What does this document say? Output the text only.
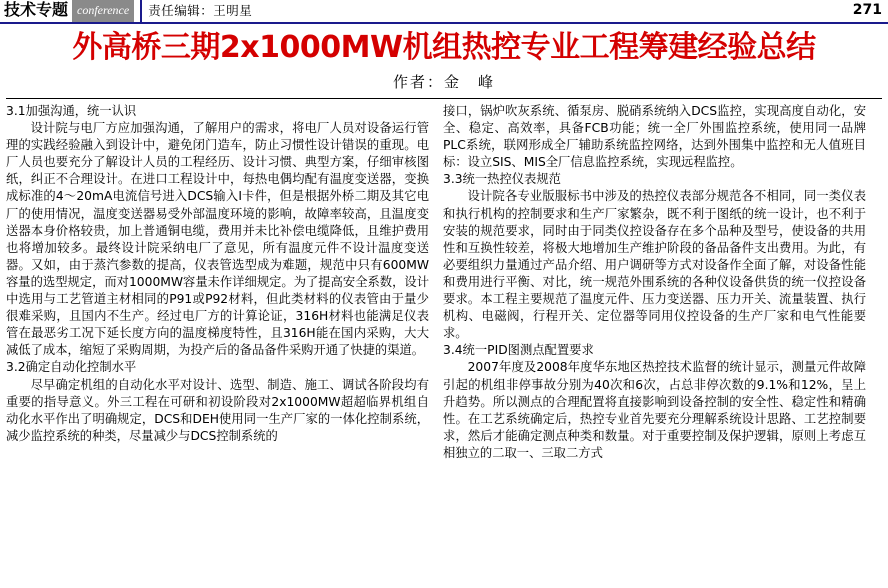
技术专题 conference	责任编辑：王明星	271
外高桥三期2x1000MW机组热控专业工程筹建经验总结
作者：金　峰

3.1加强沟通，统一认识

设计院与电厂方应加强沟通，了解用户的需求，将电厂人员对设备运行管理的实践经验融入到设计中，避免闭门造车，防止习惯性设计错误的重现。电厂人员也要充分了解设计人员的工程经历、设计习惯、典型方案，仔细审核图纸，纠正不合理设计。在进口工程设计中，每热电偶均配有温度变送器，变换成标准的4～20mA电流信号进入DCS输入I卡件，但是根据外桥二期及其它电厂的使用情况，温度变送器易受外部温度环境的影响，故障率较高，且温度变送器本身价格较贵，加上普通铜电缆，费用并未比补偿电缆降低，且维护费用也将增加较多。最终设计院采纳电厂了意见，所有温度元件不设计温度变送器。又如，由于蒸汽参数的提高，仪表管选型成为难题，规范中只有600MW容量的选型规定，而对1000MW容量未作详细规定。为了提高安全系数，设计中选用与工艺管道主材相同的P91或P92材料，但此类材料的仪表管由于量少很难采购，且国内不生产。经过电厂方的计算论证，316H材料也能满足仪表管在最恶劣工况下延长度方向的温度梯度特性，且316H能在国内采购，大大减低了成本，缩短了采购周期，为投产后的备品备件采购开通了快捷的渠道。

3.2确定自动化控制水平

尽早确定机组的自动化水平对设计、选型、制造、施工、调试各阶段均有重要的指导意义。外三工程在可研和初设阶段对2x1000MW超超临界机组自动化水平作出了明确规定，DCS和DEH使用同一生产厂家的一体化控制系统，减少监控系统的种类，尽量减少与DCS控制系统的

接口，锅炉吹灰系统、循泵房、脱硝系统纳入DCS监控，实现高度自动化，安全、稳定、高效率，具备FCB功能；统一全厂外围监控系统，使用同一品牌PLC系统，联网形成全厂辅助系统监控网络，达到外围集中监控和无人值班目标：设立SIS、MIS全厂信息监控系统，实现远程监控。

3.3统一热控仪表规范

设计院各专业版服标书中涉及的热控仪表部分规范各不相同，同一类仪表和执行机构的控制要求和生产厂家繁杂，既不利于图纸的统一设计，也不利于安装的规范要求，同时由于同类仪控设备存在多个品种及型号，使设备的共用性和互换性较差，将极大地增加生产维护阶段的备品备件支出费用。为此，有必要组织力量通过产品介绍、用户调研等方式对设备作全面了解，对设备性能和费用进行平衡、对比，统一规范外围系统的各种仪设备供货的统一仪控设备要求。本工程主要规范了温度元件、压力变送器、压力开关、流量装置、执行机构、电磁阀，行程开关、定位器等同用仪控设备的生产厂家和电气性能要求。

3.4统一PID图测点配置要求

2007年度及2008年度华东地区热控技术监督的统计显示，测量元件故障引起的机组非停事故分别为40次和6次，占总非停次数的9.1%和12%，呈上升趋势。所以测点的合理配置将直接影响到设备控制的安全性、稳定性和精确性。在工艺系统确定后，热控专业首先要充分理解系统设计思路、工艺控制要求，然后才能确定测点种类和数量。对于重要控制及保护逻辑，原则上考虑互相独立的二取一、三取二方式
